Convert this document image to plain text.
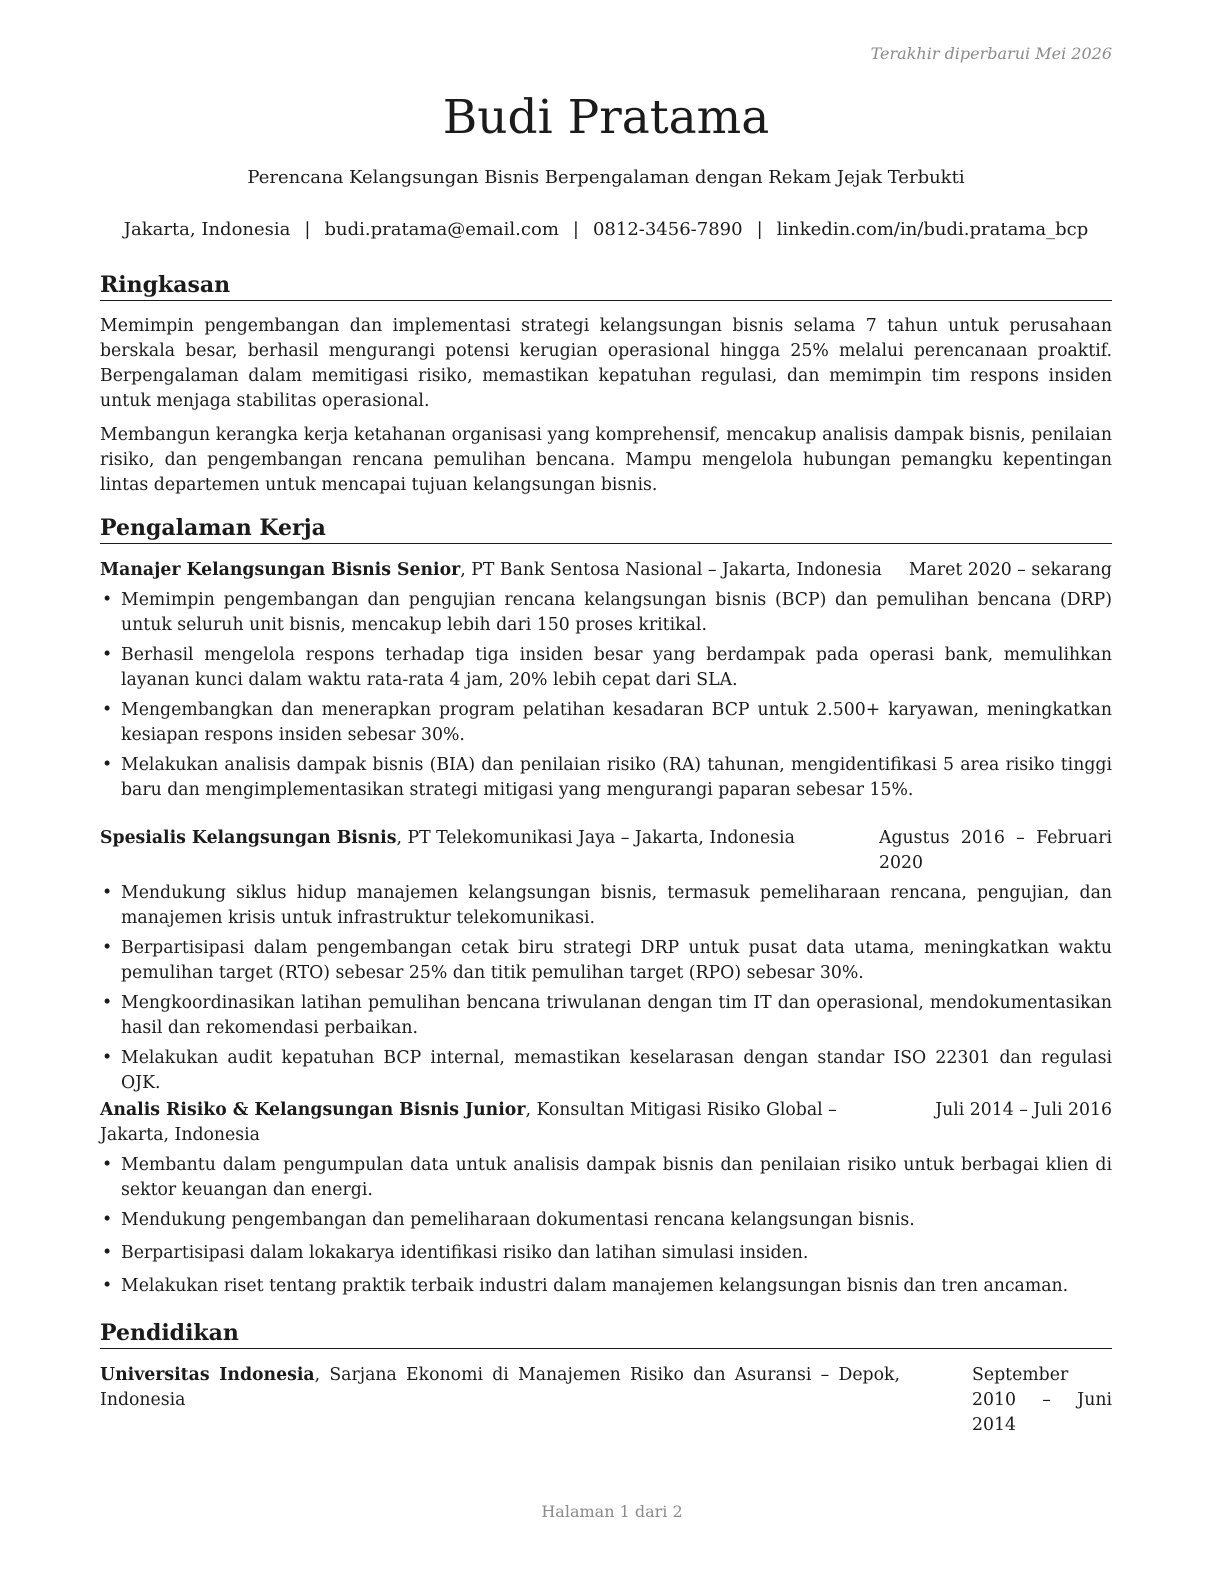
Terakhir diperbarui Mei 2026
Budi Pratama
Perencana Kelangsungan Bisnis Berpengalaman dengan Rekam Jejak Terbukti
Jakarta, Indonesia | budi.pratama@email.com | 0812-3456-7890 | linkedin.com/in/budi.pratama_bcp
Ringkasan

Memimpin pengembangan dan implementasi strategi kelangsungan bisnis selama 7 tahun untuk perusahaan berskala besar, berhasil mengurangi potensi kerugian operasional hingga 25% melalui perencanaan proaktif. Berpengalaman dalam memitigasi risiko, memastikan kepatuhan regulasi, dan memimpin tim respons insiden untuk menjaga stabilitas operasional.

Membangun kerangka kerja ketahanan organisasi yang komprehensif, mencakup analisis dampak bisnis, penilaian risiko, dan pengembangan rencana pemulihan bencana. Mampu mengelola hubungan pemangku kepentingan lintas departemen untuk mencapai tujuan kelangsungan bisnis.

Pengalaman Kerja
Manajer Kelangsungan Bisnis Senior, PT Bank Sentosa Nasional – Jakarta, Indonesia	Maret 2020 – sekarang
• Memimpin pengembangan dan pengujian rencana kelangsungan bisnis (BCP) dan pemulihan bencana (DRP) untuk seluruh unit bisnis, mencakup lebih dari 150 proses kritikal.
• Berhasil mengelola respons terhadap tiga insiden besar yang berdampak pada operasi bank, memulihkan layanan kunci dalam waktu rata-rata 4 jam, 20% lebih cepat dari SLA.
• Mengembangkan dan menerapkan program pelatihan kesadaran BCP untuk 2.500+ karyawan, meningkatkan kesiapan respons insiden sebesar 30%.
• Melakukan analisis dampak bisnis (BIA) dan penilaian risiko (RA) tahunan, mengidentifikasi 5 area risiko tinggi baru dan mengimplementasikan strategi mitigasi yang mengurangi paparan sebesar 15%.
Spesialis Kelangsungan Bisnis, PT Telekomunikasi Jaya – Jakarta, Indonesia	Agustus 2016 – Februari 2020
• Mendukung siklus hidup manajemen kelangsungan bisnis, termasuk pemeliharaan rencana, pengujian, dan manajemen krisis untuk infrastruktur telekomunikasi.
• Berpartisipasi dalam pengembangan cetak biru strategi DRP untuk pusat data utama, meningkatkan waktu pemulihan target (RTO) sebesar 25% dan titik pemulihan target (RPO) sebesar 30%.
• Mengkoordinasikan latihan pemulihan bencana triwulanan dengan tim IT dan operasional, mendokumentasikan hasil dan rekomendasi perbaikan.
• Melakukan audit kepatuhan BCP internal, memastikan keselarasan dengan standar ISO 22301 dan regulasi OJK.
Analis Risiko & Kelangsungan Bisnis Junior, Konsultan Mitigasi Risiko Global – Jakarta, Indonesia
Juli 2014 – Juli 2016
• Membantu dalam pengumpulan data untuk analisis dampak bisnis dan penilaian risiko untuk berbagai klien di sektor keuangan dan energi.
• Mendukung pengembangan dan pemeliharaan dokumentasi rencana kelangsungan bisnis.
• Berpartisipasi dalam lokakarya identifikasi risiko dan latihan simulasi insiden.
• Melakukan riset tentang praktik terbaik industri dalam manajemen kelangsungan bisnis dan tren ancaman.
Pendidikan
Universitas Indonesia, Sarjana Ekonomi di Manajemen Risiko dan Asuransi – Depok, Indonesia
September 2010 – Juni 2014
Halaman 1 dari 2
